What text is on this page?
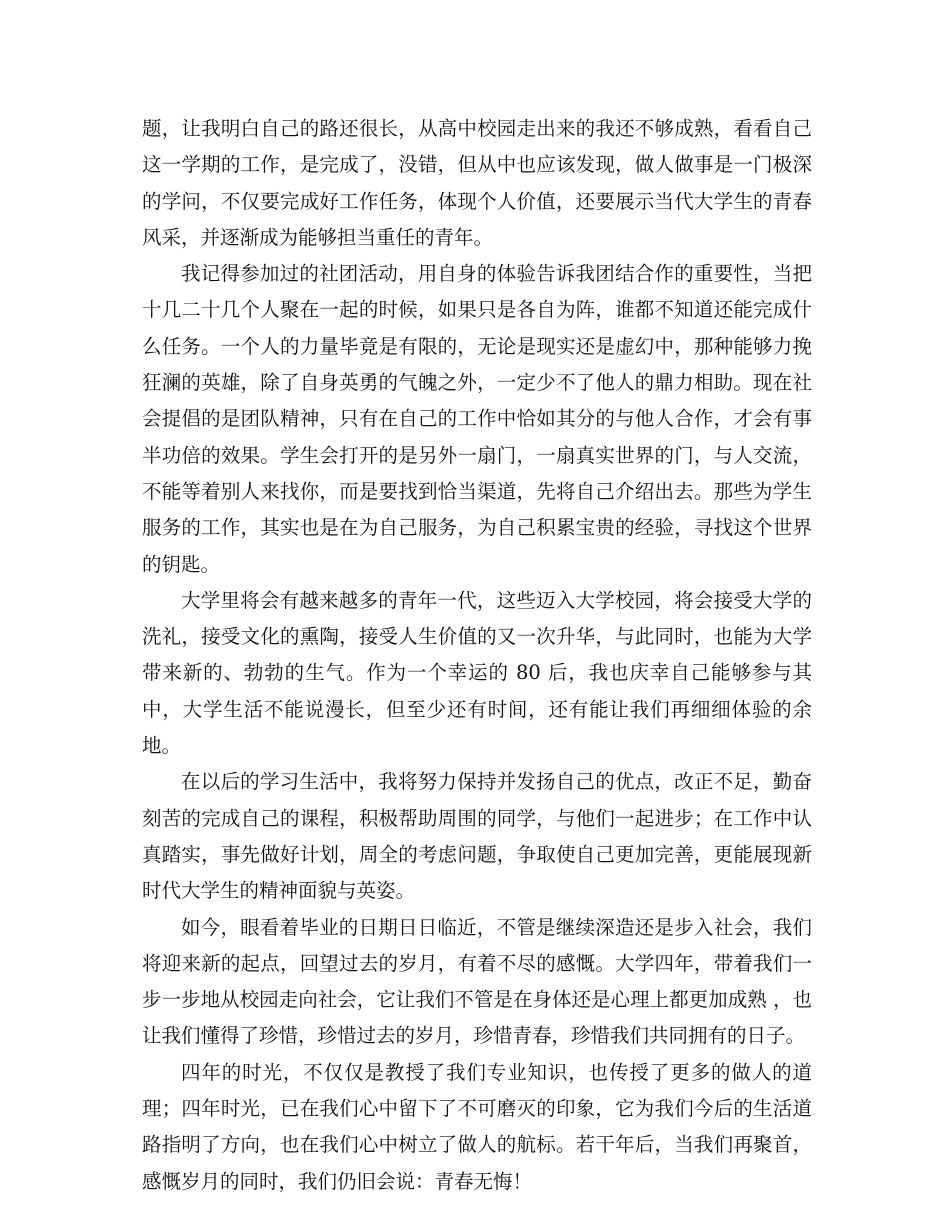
题，让我明白自己的路还很长，从高中校园走出来的我还不够成熟，看看自己这一学期的工作，是完成了，没错，但从中也应该发现，做人做事是一门极深的学问，不仅要完成好工作任务，体现个人价值，还要展示当代大学生的青春风采，并逐渐成为能够担当重任的青年。

我记得参加过的社团活动，用自身的体验告诉我团结合作的重要性，当把十几二十几个人聚在一起的时候，如果只是各自为阵，谁都不知道还能完成什么任务。一个人的力量毕竟是有限的，无论是现实还是虚幻中，那种能够力挽狂澜的英雄，除了自身英勇的气魄之外，一定少不了他人的鼎力相助。现在社会提倡的是团队精神，只有在自己的工作中恰如其分的与他人合作，才会有事半功倍的效果。学生会打开的是另外一扇门，一扇真实世界的门，与人交流，不能等着别人来找你，而是要找到恰当渠道，先将自己介绍出去。那些为学生服务的工作，其实也是在为自己服务，为自己积累宝贵的经验，寻找这个世界的钥匙。

大学里将会有越来越多的青年一代，这些迈入大学校园，将会接受大学的洗礼，接受文化的熏陶，接受人生价值的又一次升华，与此同时，也能为大学带来新的、勃勃的生气。作为一个幸运的 80 后，我也庆幸自己能够参与其中，大学生活不能说漫长，但至少还有时间，还有能让我们再细细体验的余地。

在以后的学习生活中，我将努力保持并发扬自己的优点，改正不足，勤奋刻苦的完成自己的课程，积极帮助周围的同学，与他们一起进步；在工作中认真踏实，事先做好计划，周全的考虑问题，争取使自己更加完善，更能展现新时代大学生的精神面貌与英姿。

如今，眼看着毕业的日期日日临近，不管是继续深造还是步入社会，我们将迎来新的起点，回望过去的岁月，有着不尽的感慨。大学四年，带着我们一步一步地从校园走向社会，它让我们不管是在身体还是心理上都更加成熟 ，也让我们懂得了珍惜，珍惜过去的岁月，珍惜青春，珍惜我们共同拥有的日子。

四年的时光，不仅仅是教授了我们专业知识，也传授了更多的做人的道理；四年时光，已在我们心中留下了不可磨灭的印象，它为我们今后的生活道路指明了方向，也在我们心中树立了做人的航标。若干年后，当我们再聚首，感慨岁月的同时，我们仍旧会说：青春无悔！
